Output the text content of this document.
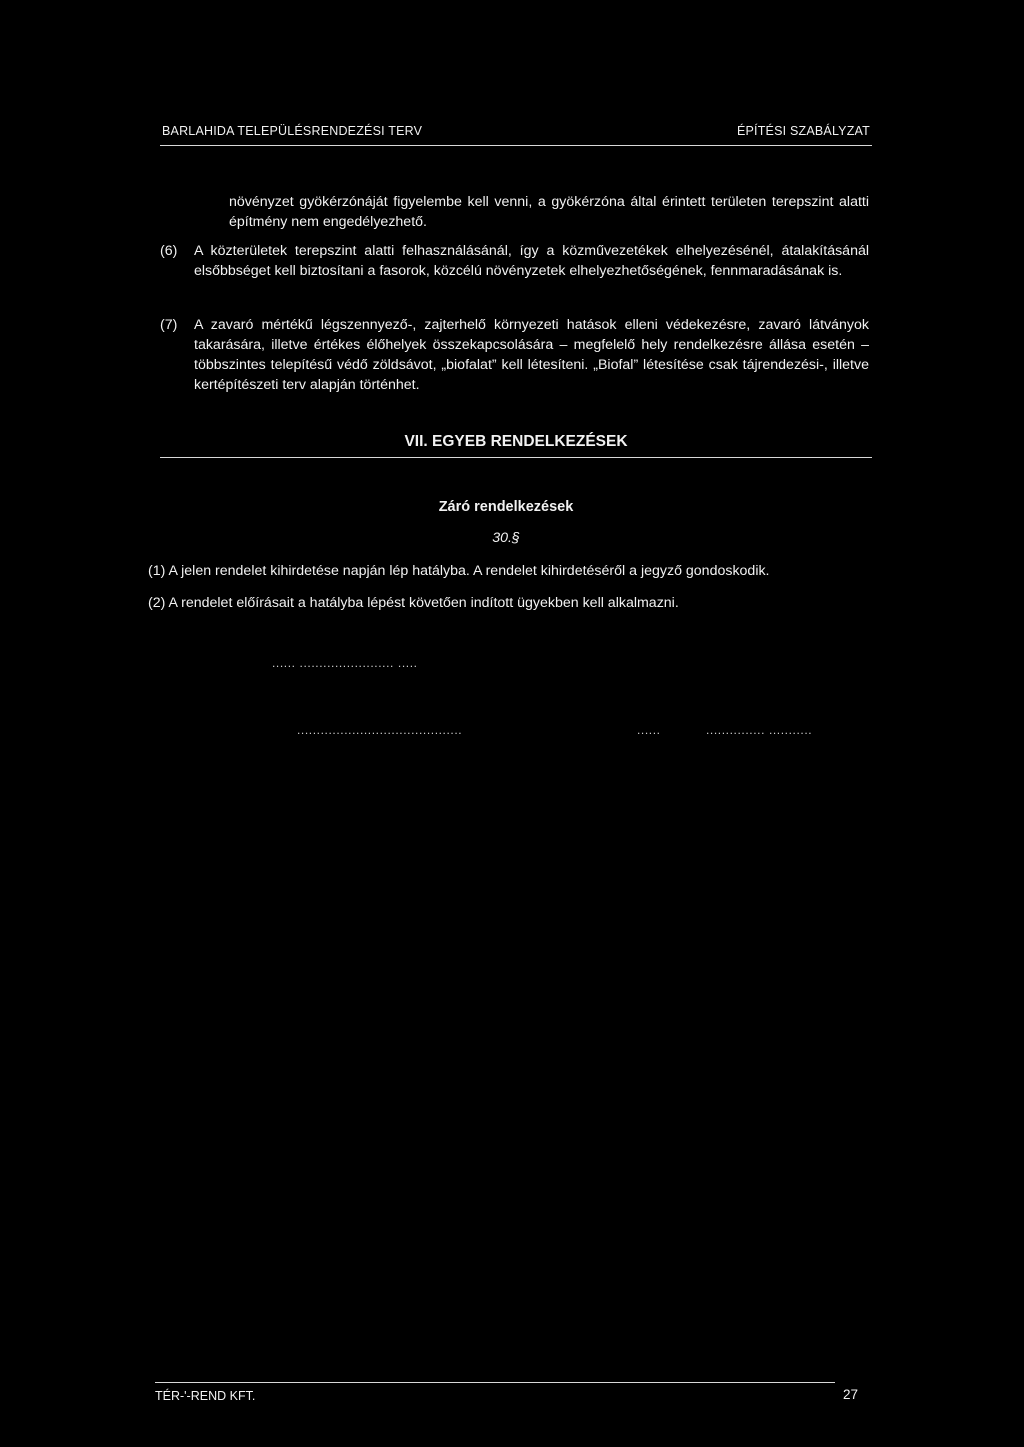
BARLAHIDA TELEPÜLÉSRENDEZÉSI TERV	ÉPÍTÉSI SZABÁLYZAT
növényzet gyökérzónáját figyelembe kell venni, a gyökérzóna által érintett területen terepszint alatti építmény nem engedélyezhető.
(6) A közterületek terepszint alatti felhasználásánál, így a közművezetékek elhelyezésénél, átalakításánál elsőbbséget kell biztosítani a fasorok, közcélú növényzetek elhelyezhetőségének, fennmaradásának is.
(7) A zavaró mértékű légszennyező-, zajterhelő környezeti hatások elleni védekezésre, zavaró látványok takarására, illetve értékes élőhelyek összekapcsolására – megfelelő hely rendelkezésre állása esetén – többszintes telepítésű védő zöldsávot, „biofalat” kell létesíteni. „Biofal” létesítése csak tájrendezési-, illetve kertépítészeti terv alapján történhet.
VII. EGYEB RENDELKEZÉSEK
Záró rendelkezések
30.§
(1) A jelen rendelet kihirdetése napján lép hatályba. A rendelet kihirdetéséről a jegyző gondoskodik.
(2) A rendelet előírásait a hatályba lépést követően indított ügyekben kell alkalmazni.
...... ........................ .....
..........................................	......	............... ...........
TÉR-'-REND KFT.	27
